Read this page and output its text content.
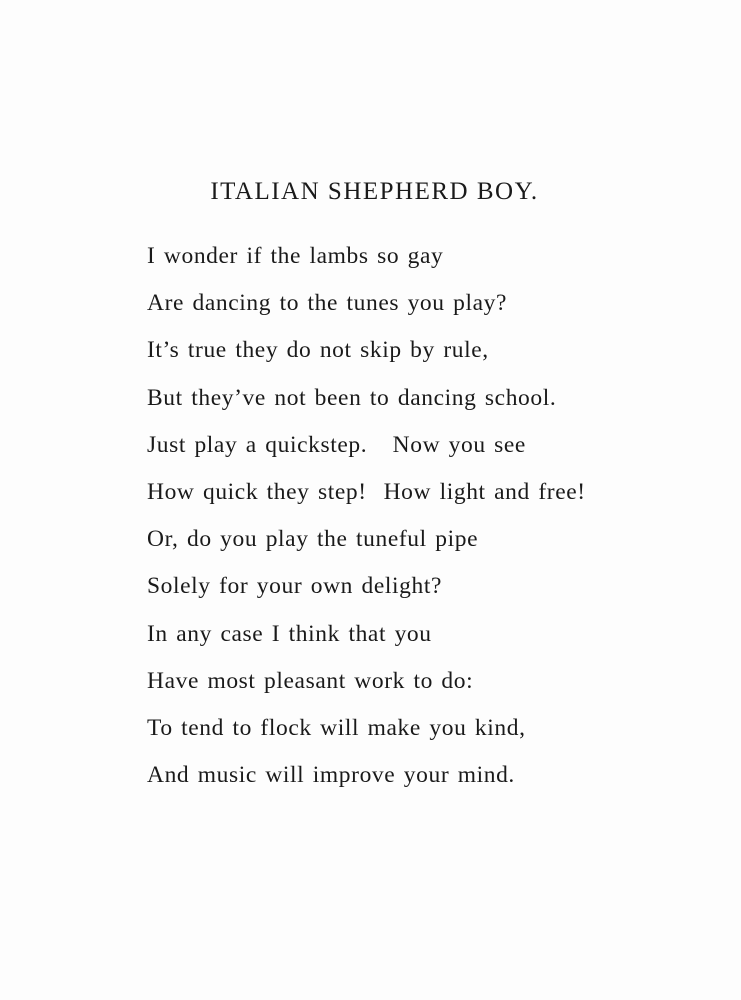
ITALIAN SHEPHERD BOY.
I wonder if the lambs so gay
Are dancing to the tunes you play?
It’s true they do not skip by rule,
But they’ve not been to dancing school.
Just play a quickstep.   Now you see
How quick they step!  How light and free!
Or, do you play the tuneful pipe
Solely for your own delight?
In any case I think that you
Have most pleasant work to do:
To tend to flock will make you kind,
And music will improve your mind.
